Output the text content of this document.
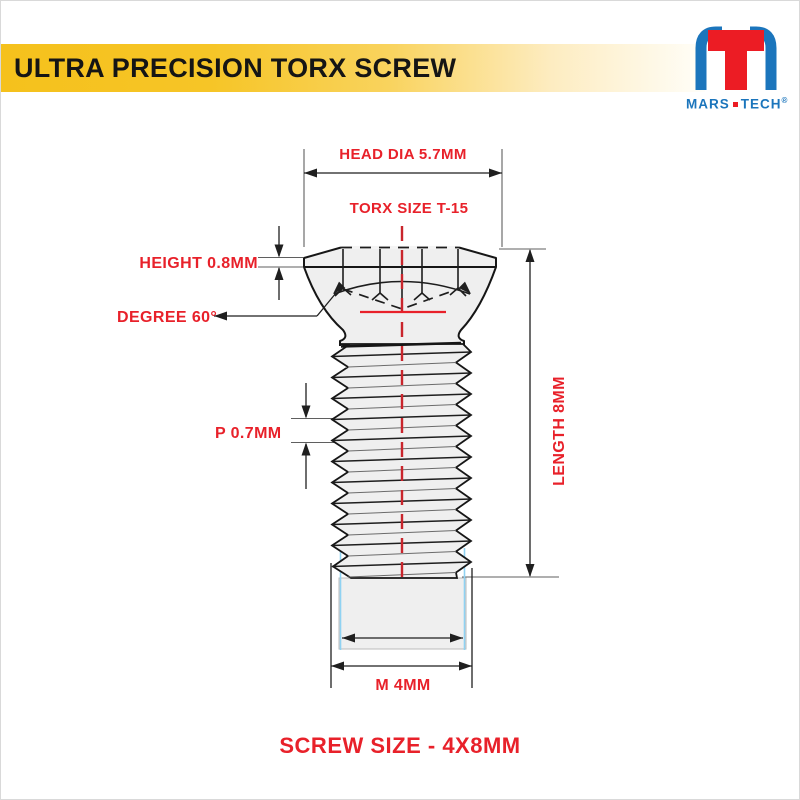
ULTRA PRECISION TORX SCREW
MARS TECH®
HEAD DIA 5.7MM
TORX SIZE T-15
HEIGHT 0.8MM
DEGREE 60°
P 0.7MM	LENGTH 8MM
M 4MM
SCREW SIZE - 4X8MM
